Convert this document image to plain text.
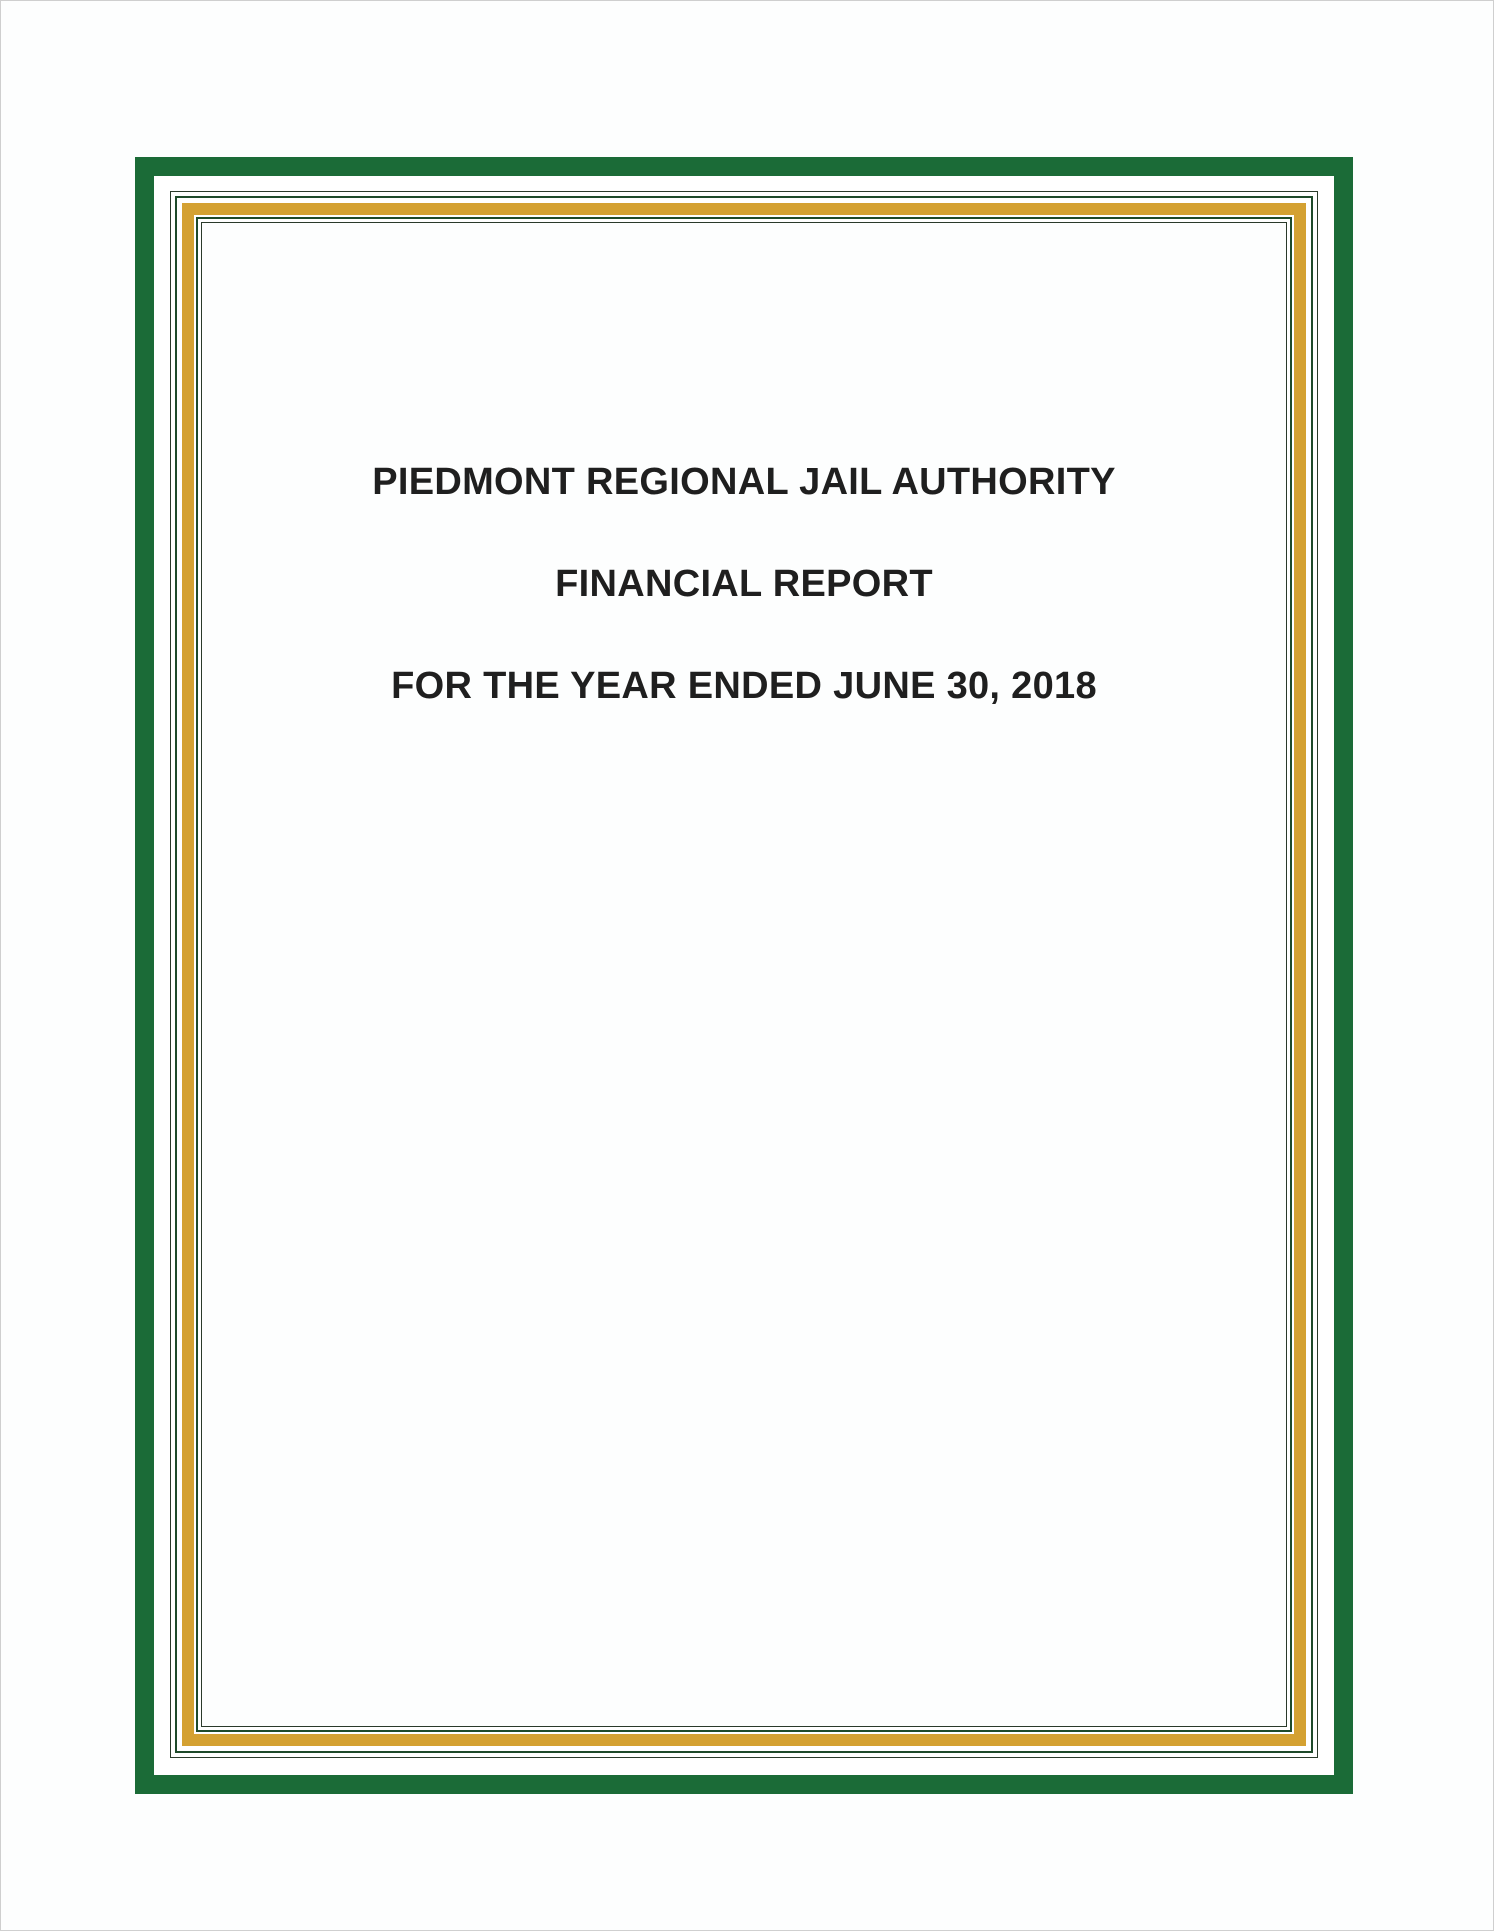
PIEDMONT REGIONAL JAIL AUTHORITY

FINANCIAL REPORT

FOR THE YEAR ENDED JUNE 30, 2018
